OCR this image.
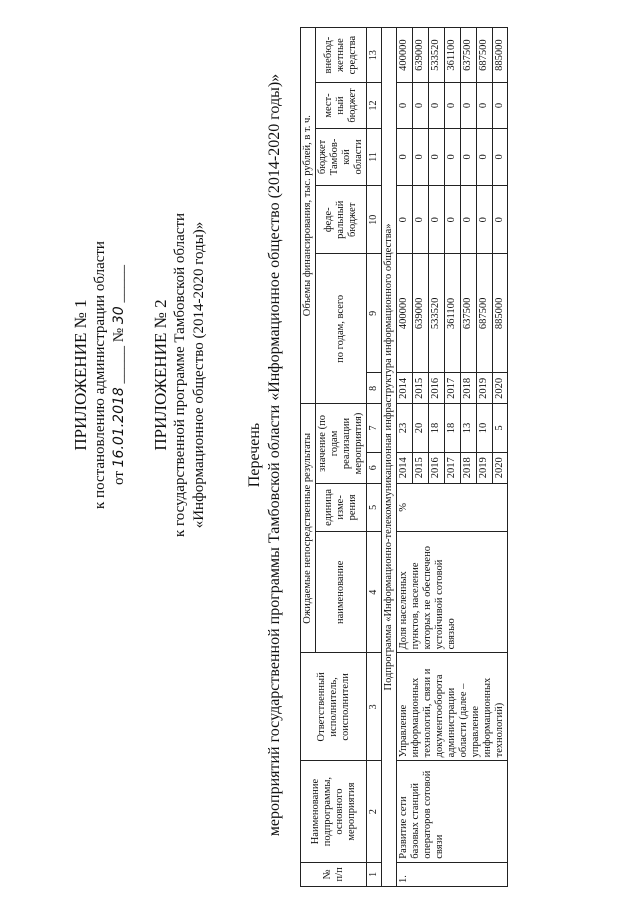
ПРИЛОЖЕНИЕ № 1 к постановлению администрации области от 16.01.2018 _____ № 30 _____
ПРИЛОЖЕНИЕ № 2 к государственной программе Тамбовской области «Информационное общество (2014-2020 годы)» Перечень мероприятий государственной программы Тамбовской области «Информационное общество (2014-2020 годы)»
№ п/п	Наименование подпрограммы, основного мероприятия	Ответственный исполнитель, соисполнители	Ожидаемые непосредственные результаты				Объемы финансирования, тыс. рублей, в т. ч.					
			наименование	единица изме-рения	значение (по годам реализации мероприятия)		по годам, всего		феде-ральный бюджет	бюджет Тамбов-кой области	мест-ный бюджет	внебюд-жетные средства
1	2	3	4	5	6	7	8	9	10	11	12	13
Подпрограмма «Информационно-телекоммуникационная инфраструктура информационного общества»												
1.	Развитие сети базовых станций операторов сотовой связи	Управление информационных технологий, связи и документооборота администрации области (далее – управление информационных технологий)	Доля населенных пунктов, население которых не обеспечено устойчивой сотовой связью	%	2014	23	2014	400000	0	0	0	400000
					2015	20	2015	639000	0	0	0	639000
					2016	18	2016	533520	0	0	0	533520
					2017	18	2017	361100	0	0	0	361100
					2018	13	2018	637500	0	0	0	637500
					2019	10	2019	687500	0	0	0	687500
					2020	5	2020	885000	0	0	0	885000
